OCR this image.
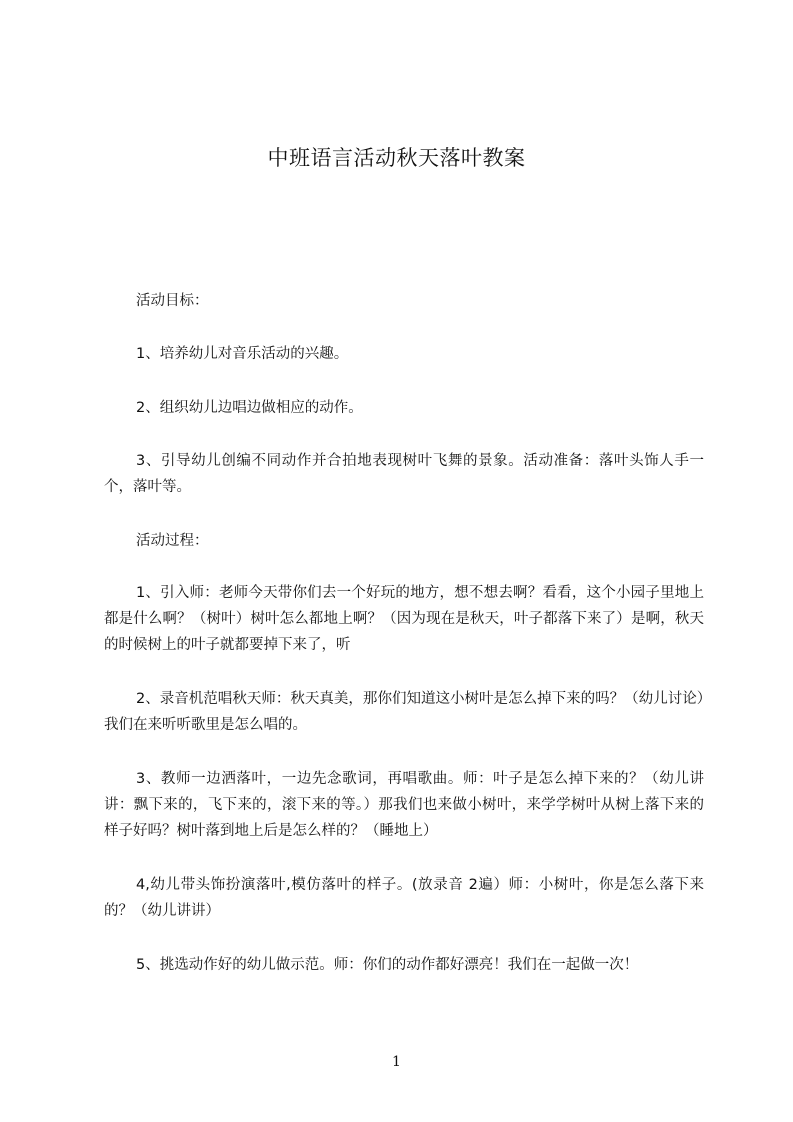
中班语言活动秋天落叶教案

活动目标：

1、培养幼儿对音乐活动的兴趣。

2、组织幼儿边唱边做相应的动作。

3、引导幼儿创编不同动作并合拍地表现树叶飞舞的景象。活动准备：落叶头饰人手一个，落叶等。

活动过程：

1、引入师：老师今天带你们去一个好玩的地方，想不想去啊？看看，这个小园子里地上都是什么啊？（树叶）树叶怎么都地上啊？（因为现在是秋天，叶子都落下来了）是啊，秋天的时候树上的叶子就都要掉下来了，听

2、录音机范唱秋天师：秋天真美，那你们知道这小树叶是怎么掉下来的吗？（幼儿讨论）我们在来听听歌里是怎么唱的。

3、教师一边洒落叶，一边先念歌词，再唱歌曲。师：叶子是怎么掉下来的？（幼儿讲讲：飘下来的，飞下来的，滚下来的等。）那我们也来做小树叶，来学学树叶从树上落下来的样子好吗？树叶落到地上后是怎么样的？（睡地上）

4,幼儿带头饰扮演落叶,模仿落叶的样子。(放录音 2遍）师：小树叶，你是怎么落下来的？（幼儿讲讲）

5、挑选动作好的幼儿做示范。师：你们的动作都好漂亮！我们在一起做一次！

1
